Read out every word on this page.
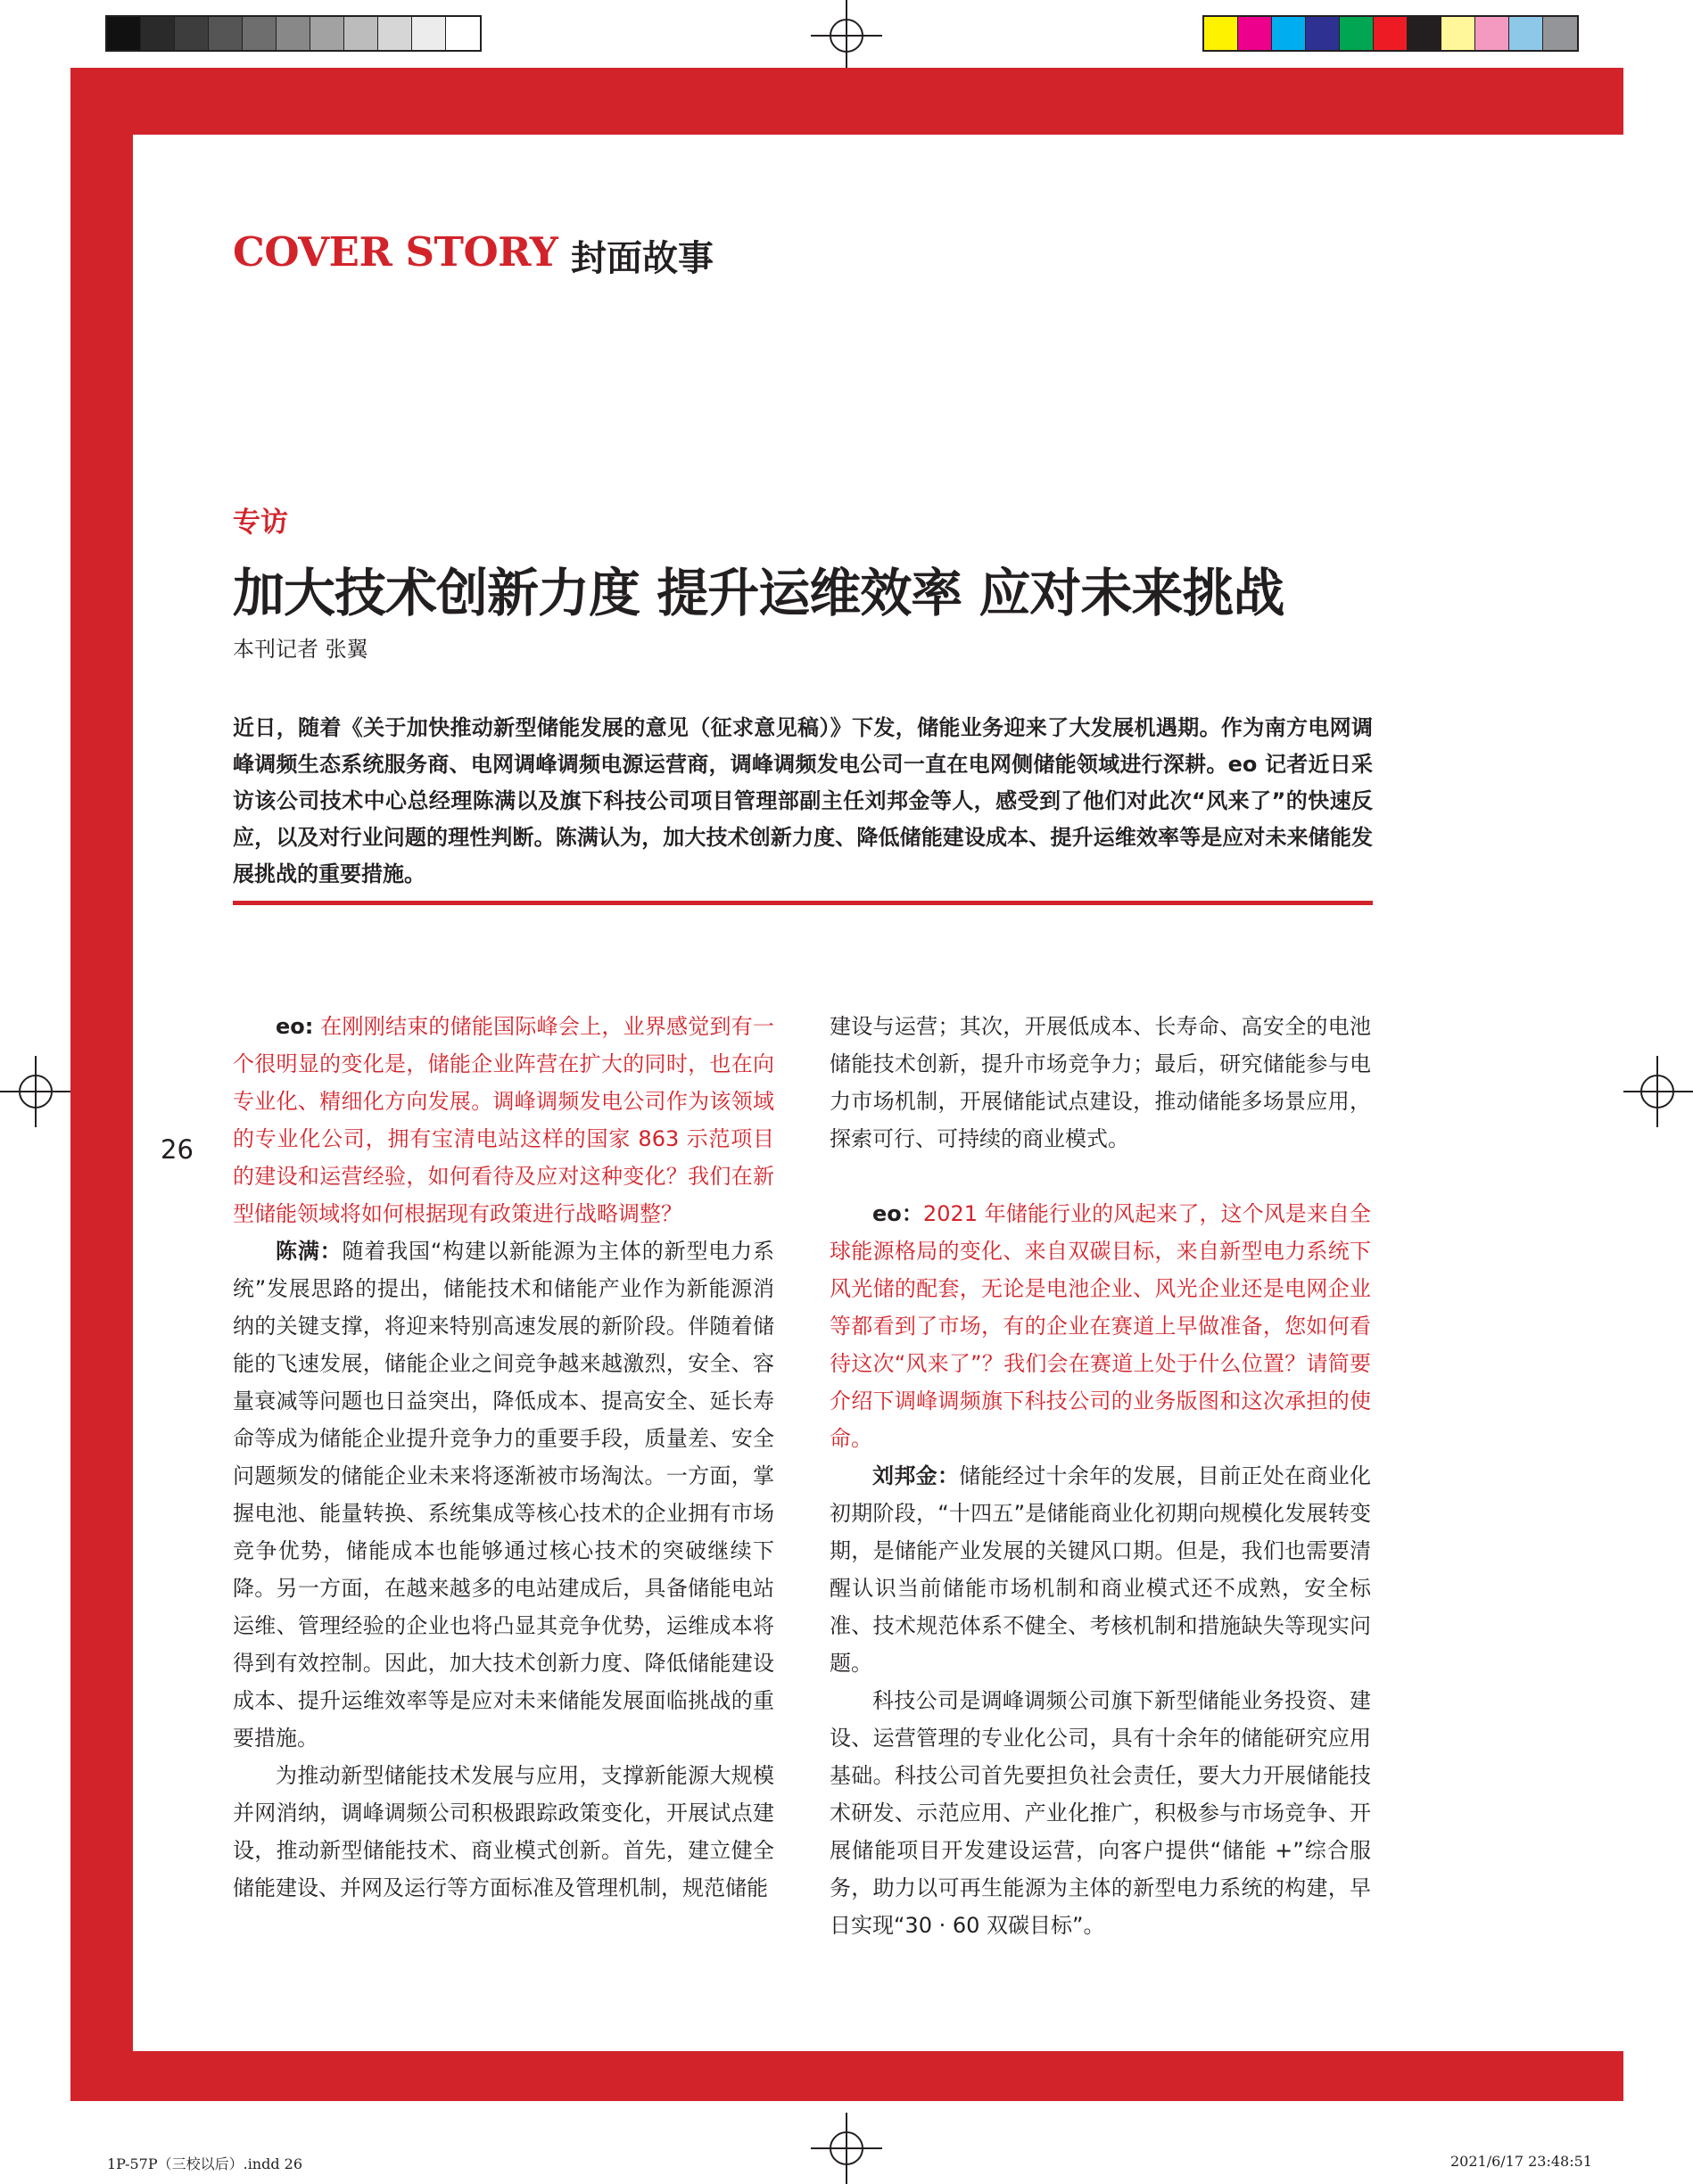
COVER STORY 封面故事
专访
加大技术创新力度 提升运维效率 应对未来挑战
本刊记者 张翼
近日，随着《关于加快推动新型储能发展的意见（征求意见稿）》下发，储能业务迎来了大发展机遇期。作为南方电网调峰调频生态系统服务商、电网调峰调频电源运营商，调峰调频发电公司一直在电网侧储能领域进行深耕。eo 记者近日采访该公司技术中心总经理陈满以及旗下科技公司项目管理部副主任刘邦金等人，感受到了他们对此次“风来了”的快速反应，以及对行业问题的理性判断。陈满认为，加大技术创新力度、降低储能建设成本、提升运维效率等是应对未来储能发展挑战的重要措施。
26

eo: 在刚刚结束的储能国际峰会上，业界感觉到有一个很明显的变化是，储能企业阵营在扩大的同时，也在向专业化、精细化方向发展。调峰调频发电公司作为该领域的专业化公司，拥有宝清电站这样的国家 863 示范项目的建设和运营经验，如何看待及应对这种变化？我们在新型储能领域将如何根据现有政策进行战略调整？

陈满：随着我国“构建以新能源为主体的新型电力系统”发展思路的提出，储能技术和储能产业作为新能源消纳的关键支撑，将迎来特别高速发展的新阶段。伴随着储能的飞速发展，储能企业之间竞争越来越激烈，安全、容量衰减等问题也日益突出，降低成本、提高安全、延长寿命等成为储能企业提升竞争力的重要手段，质量差、安全问题频发的储能企业未来将逐渐被市场淘汰。一方面，掌握电池、能量转换、系统集成等核心技术的企业拥有市场竞争优势，储能成本也能够通过核心技术的突破继续下降。另一方面，在越来越多的电站建成后，具备储能电站运维、管理经验的企业也将凸显其竞争优势，运维成本将得到有效控制。因此，加大技术创新力度、降低储能建设成本、提升运维效率等是应对未来储能发展面临挑战的重要措施。

为推动新型储能技术发展与应用，支撑新能源大规模并网消纳，调峰调频公司积极跟踪政策变化，开展试点建设，推动新型储能技术、商业模式创新。首先，建立健全储能建设、并网及运行等方面标准及管理机制，规范储能

建设与运营；其次，开展低成本、长寿命、高安全的电池储能技术创新，提升市场竞争力；最后，研究储能参与电力市场机制，开展储能试点建设，推动储能多场景应用，探索可行、可持续的商业模式。

eo：2021 年储能行业的风起来了，这个风是来自全球能源格局的变化、来自双碳目标，来自新型电力系统下风光储的配套，无论是电池企业、风光企业还是电网企业等都看到了市场，有的企业在赛道上早做准备，您如何看待这次“风来了”？我们会在赛道上处于什么位置？请简要介绍下调峰调频旗下科技公司的业务版图和这次承担的使命。

刘邦金：储能经过十余年的发展，目前正处在商业化初期阶段，“十四五”是储能商业化初期向规模化发展转变期，是储能产业发展的关键风口期。但是，我们也需要清醒认识当前储能市场机制和商业模式还不成熟，安全标准、技术规范体系不健全、考核机制和措施缺失等现实问题。

科技公司是调峰调频公司旗下新型储能业务投资、建设、运营管理的专业化公司，具有十余年的储能研究应用基础。科技公司首先要担负社会责任，要大力开展储能技术研发、示范应用、产业化推广，积极参与市场竞争、开展储能项目开发建设运营，向客户提供“储能 +”综合服务，助力以可再生能源为主体的新型电力系统的构建，早日实现“30 · 60 双碳目标”。

1P-57P（三校以后）.indd 26	2021/6/17 23:48:51
